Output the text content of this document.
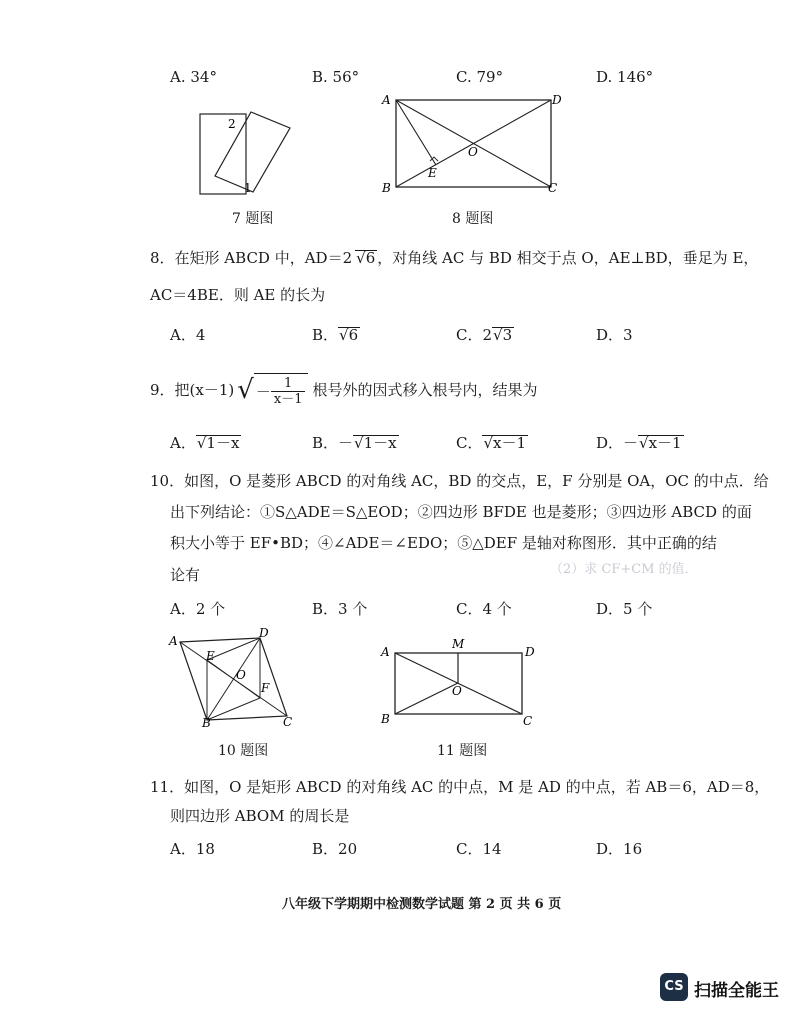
（2）求 CF+CM 的值．
A. 34°	B. 56°	C. 79°	D. 146°
2
1
7 题图
A	D
B	C
O
E
8 题图
8．在矩形 ABCD 中，AD＝2 √6 ，对角线 AC 与 BD 相交于点 O，AE⊥BD，垂足为 E，
AC＝4BE．则 AE 的长为
A．4	B．√6	C．2√3	D．3
9．把(x－1) √ － $\frac{1}{x-1}$ 根号外的因式移入根号内，结果为
A．√1－x	B．－√1－x	C．√x－1	D．－√x－1
10．如图，O 是菱形 ABCD 的对角线 AC，BD 的交点，E，F 分别是 OA，OC 的中点．给
出下列结论：①S△ADE＝S△EOD；②四边形 BFDE 也是菱形；③四边形 ABCD 的面
积大小等于 EF•BD；④∠ADE＝∠EDO；⑤△DEF 是轴对称图形．其中正确的结
论有
A．2 个	B．3 个	C．4 个	D．5 个
A
D
E
O
F
B	C
10 题图
M
A	D
O
B	C
11 题图
11．如图，O 是矩形 ABCD 的对角线 AC 的中点，M 是 AD 的中点，若 AB＝6，AD＝8，
则四边形 ABOM 的周长是
A．18	B．20	C．14	D．16
八年级下学期期中检测数学试题 第 2 页 共 6 页
CS 扫描全能王
